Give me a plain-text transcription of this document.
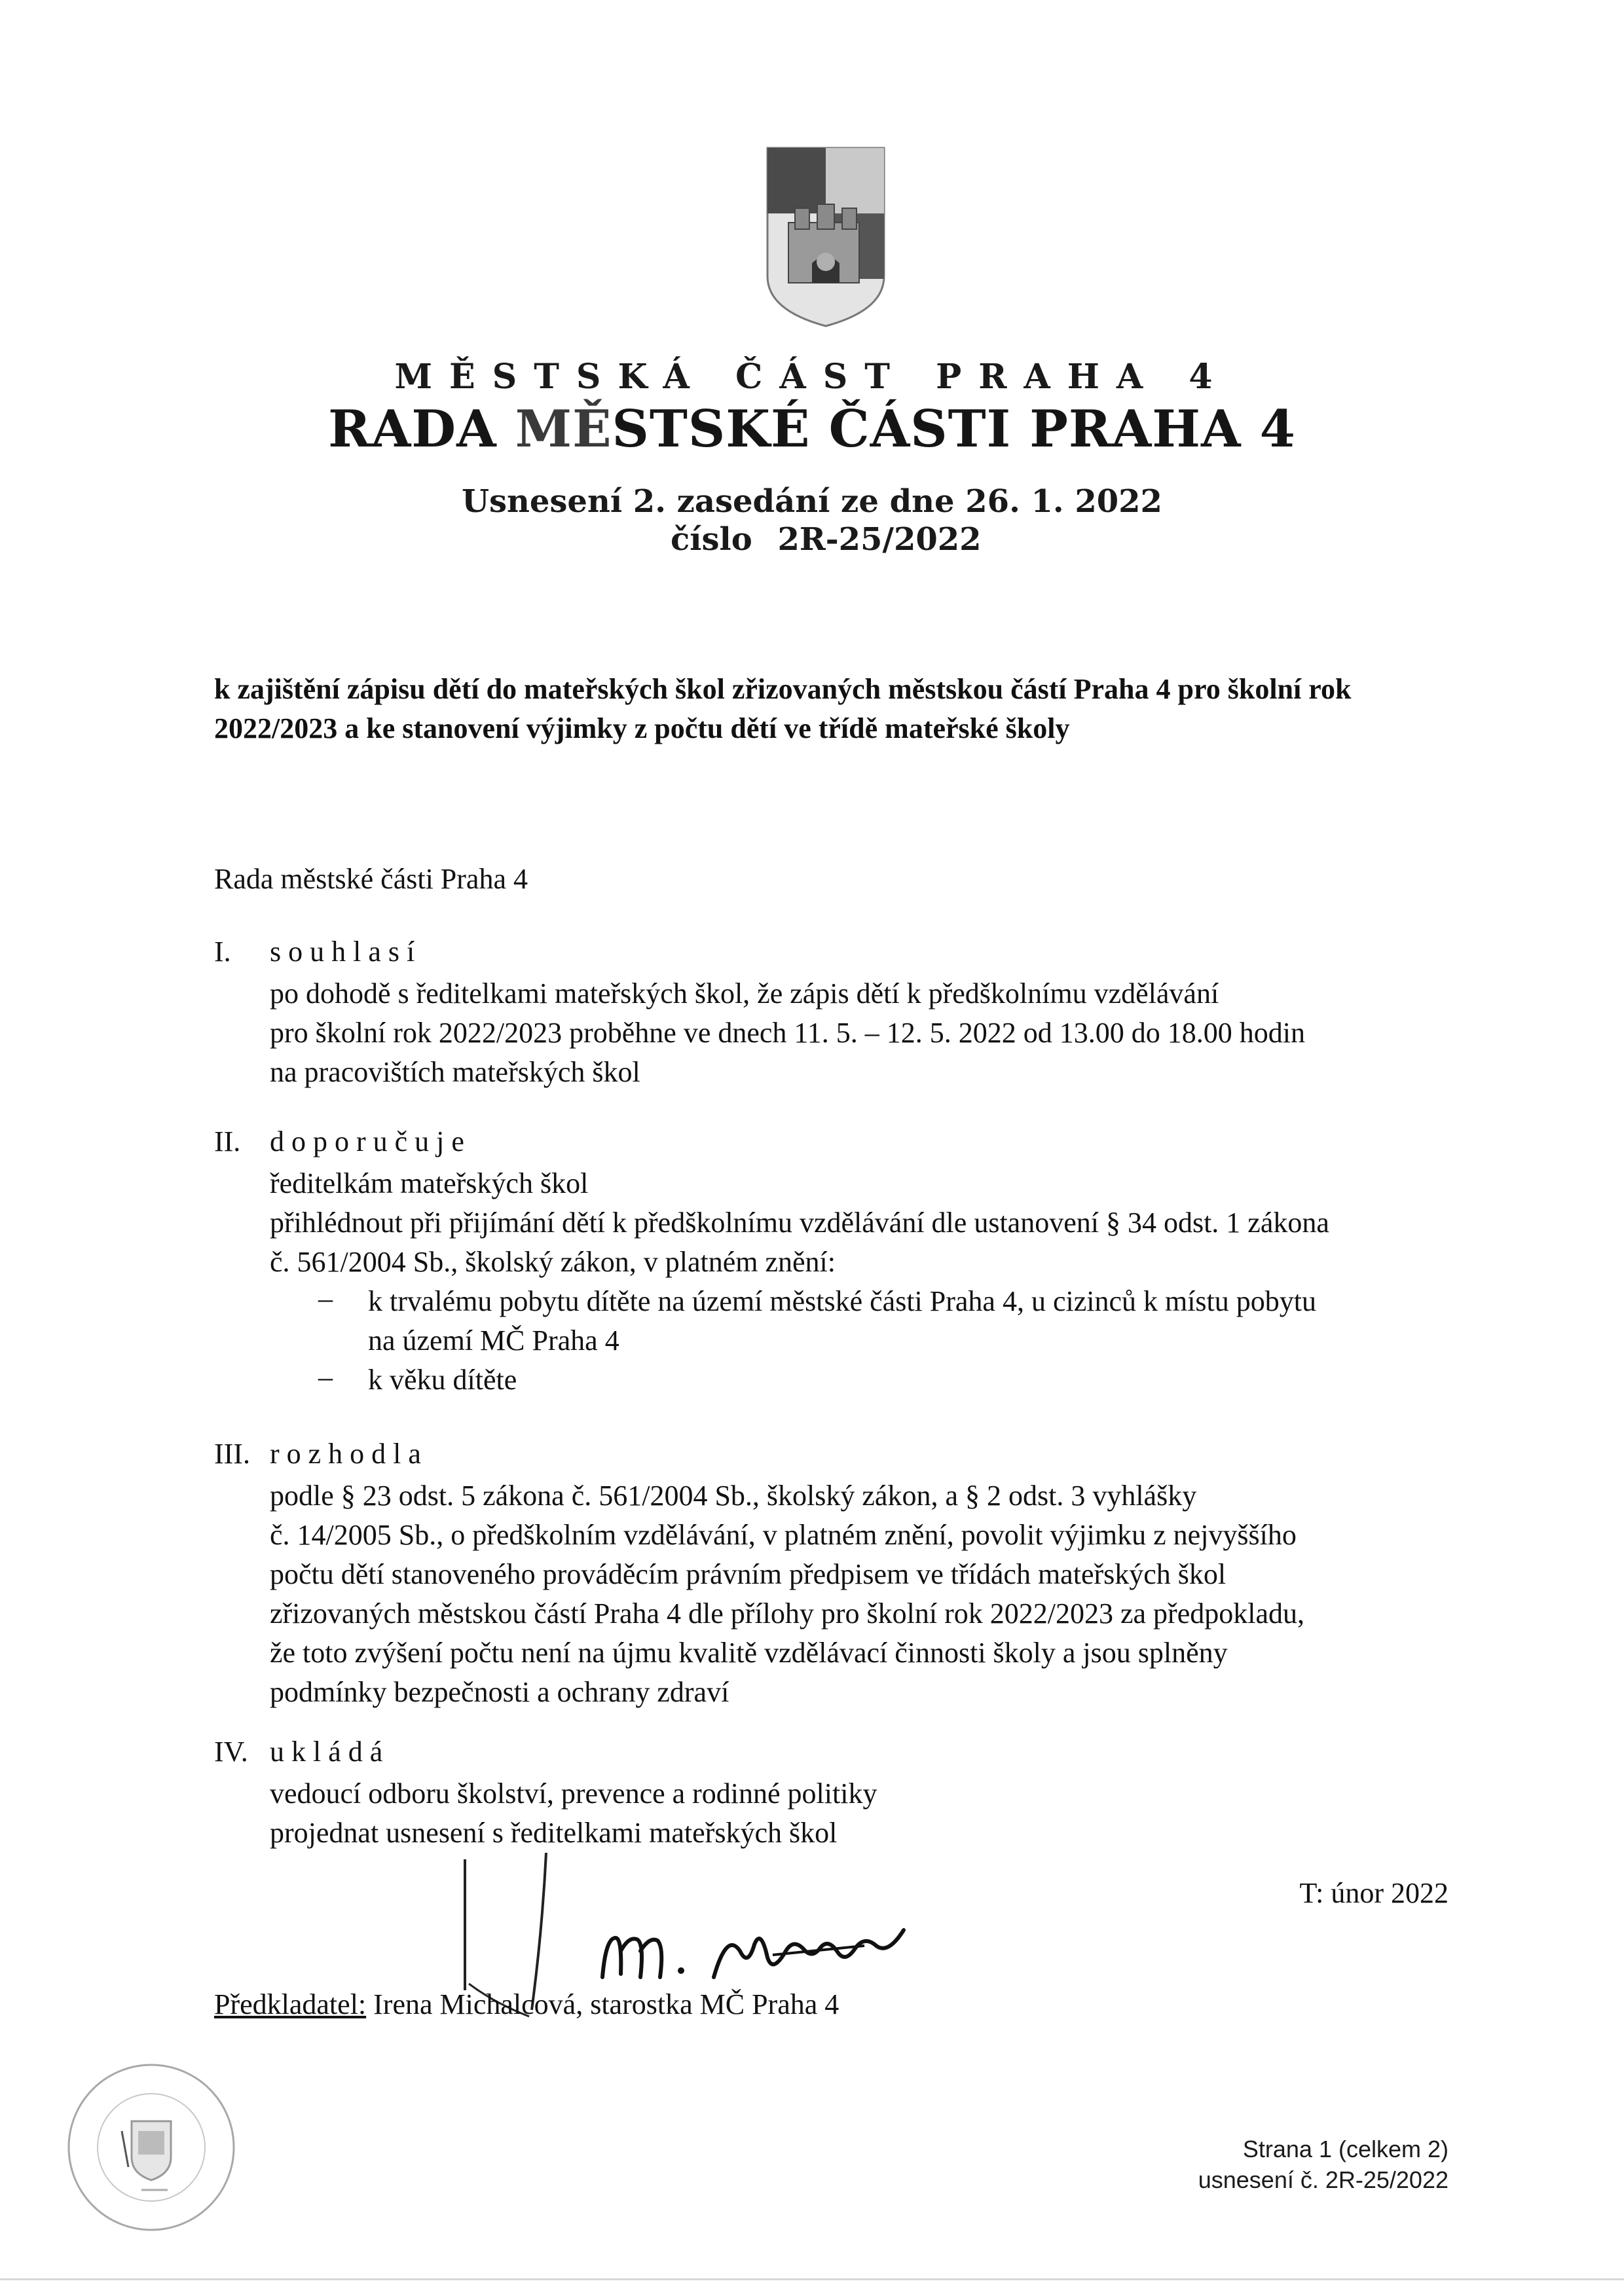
MĚSTSKÁ ČÁST PRAHA 4
RADA MĚSTSKÉ ČÁSTI PRAHA 4
Usnesení 2. zasedání ze dne 26. 1. 2022
číslo 2R-25/2022
k zajištění zápisu dětí do mateřských škol zřizovaných městskou částí Praha 4 pro školní rok 2022/2023 a ke stanovení výjimky z počtu dětí ve třídě mateřské školy
Rada městské části Praha 4
I. souhlasí
po dohodě s ředitelkami mateřských škol, že zápis dětí k předškolnímu vzdělávání
pro školní rok 2022/2023 proběhne ve dnech 11. 5. – 12. 5. 2022 od 13.00 do 18.00 hodin
na pracovištích mateřských škol
II. doporučuje
ředitelkám mateřských škol
přihlédnout při přijímání dětí k předškolnímu vzdělávání dle ustanovení § 34 odst. 1 zákona
č. 561/2004 Sb., školský zákon, v platném znění:
– k trvalému pobytu dítěte na území městské části Praha 4, u cizinců k místu pobytu
na území MČ Praha 4
– k věku dítěte
III. rozhodla
podle § 23 odst. 5 zákona č. 561/2004 Sb., školský zákon, a § 2 odst. 3 vyhlášky
č. 14/2005 Sb., o předškolním vzdělávání, v platném znění, povolit výjimku z nejvyššího
počtu dětí stanoveného prováděcím právním předpisem ve třídách mateřských škol
zřizovaných městskou částí Praha 4 dle přílohy pro školní rok 2022/2023 za předpokladu,
že toto zvýšení počtu není na újmu kvalitě vzdělávací činnosti školy a jsou splněny
podmínky bezpečnosti a ochrany zdraví
IV. ukládá
vedoucí odboru školství, prevence a rodinné politiky
projednat usnesení s ředitelkami mateřských škol
T: únor 2022
Předkladatel: Irena Michalcová, starostka MČ Praha 4
Strana 1 (celkem 2)
usnesení č. 2R-25/2022
